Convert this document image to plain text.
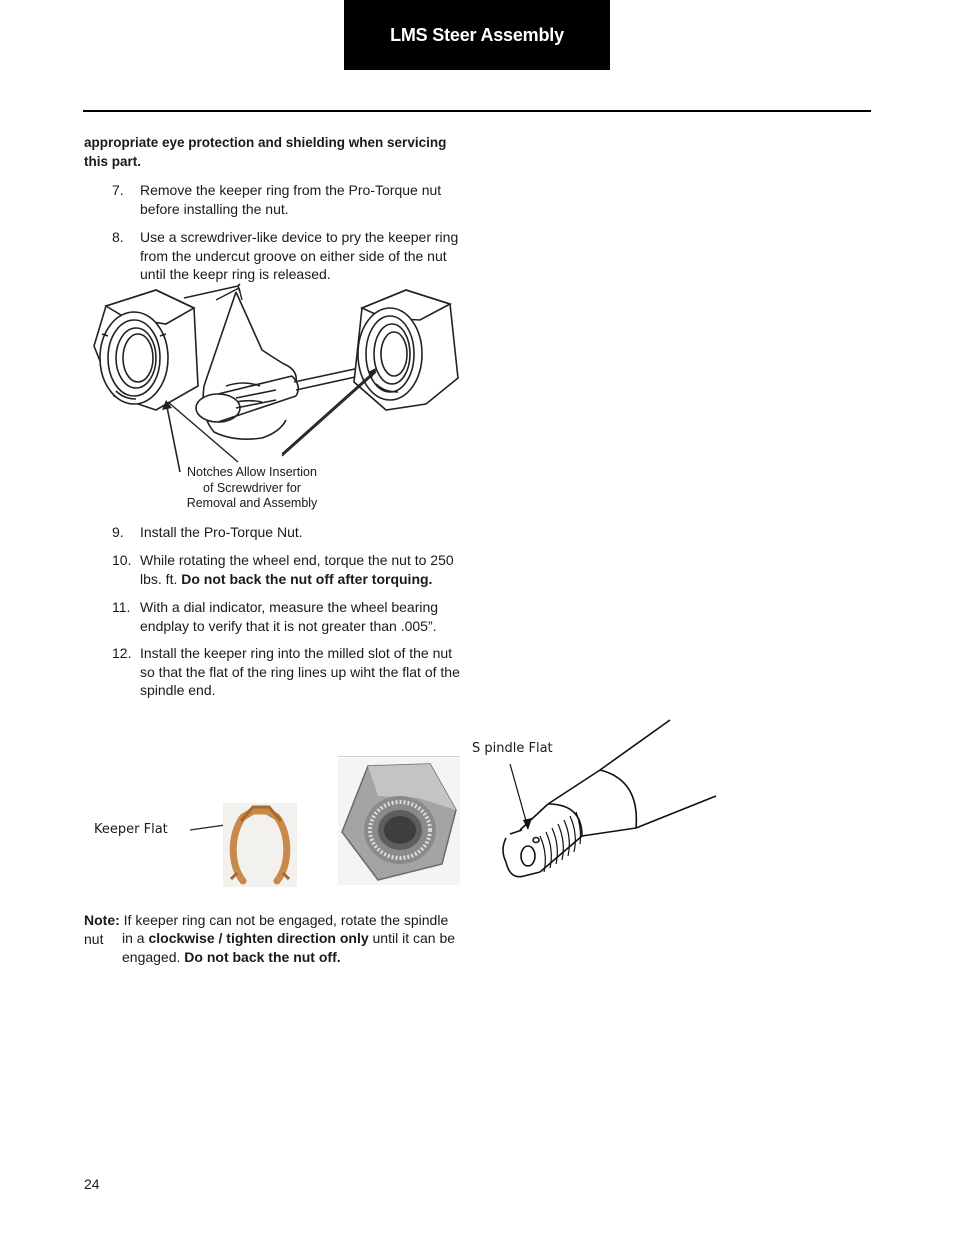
LMS Steer Assembly
appropriate eye protection and shielding when servicing this part.
7.	Remove the keeper ring from the Pro-Torque nut before installing the nut.
8.	Use a screwdriver-like device to pry the keeper ring from the undercut groove on either side of the nut until the keepr ring is released.
Notches Allow Insertion
of Screwdriver for
Removal and Assembly
9.	Install the Pro-Torque Nut.
10. While rotating the wheel end, torque the nut to 250 lbs. ft. Do not back the nut off after torquing.
11. With a dial indicator, measure the wheel bearing endplay to verify that it is not greater than .005”.
12. Install the keeper ring into the milled slot of the nut so that the flat of the ring lines up wiht the flat of the spindle end.
Keeper Flat
S pindle Flat
Note: If keeper ring can not be engaged, rotate the spindle nut	in a clockwise / tighten direction only until it can be engaged. Do not back the nut off.
24
